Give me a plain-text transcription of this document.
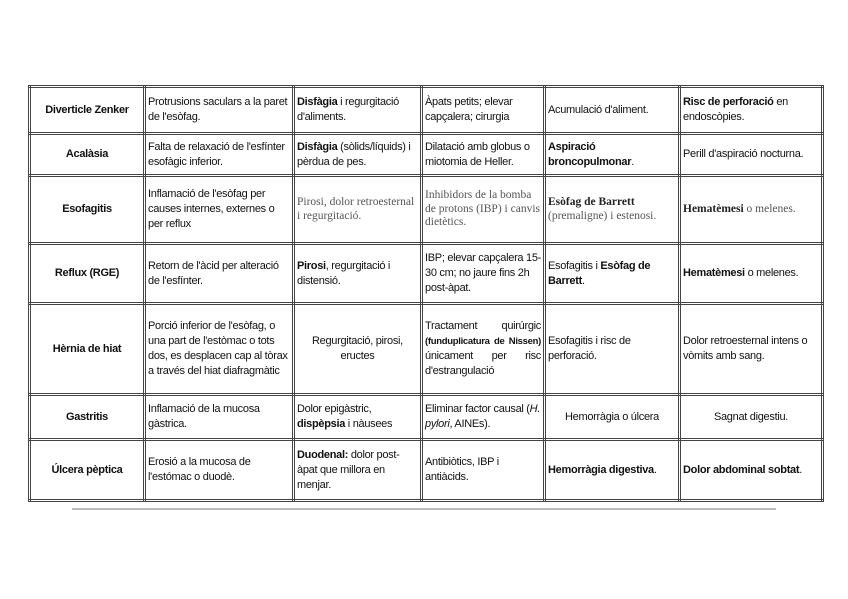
Diverticle Zenker	Protrusions saculars a la paret de l'esòfag.	Disfàgia i regurgitació d'aliments.	Àpats petits; elevar capçalera; cirurgia	Acumulació d'aliment.	Risc de perforació en endoscòpies.
Acalàsia	Falta de relaxació de l'esfínter esofàgic inferior.	Disfàgia (sòlids/líquids) i pèrdua de pes.	Dilatació amb globus o miotomia de Heller.	Aspiració broncopulmonar.	Perill d'aspiració nocturna.
Esofagitis	Inflamació de l'esòfag per causes internes, externes o per reflux	Pirosi, dolor retroesternal i regurgitació.	Inhibidors de la bomba de protons (IBP) i canvis dietètics.	Esòfag de Barrett (premaligne) i estenosi.	Hematèmesi o melenes.
Reflux (RGE)	Retorn de l'àcid per alteració de l'esfínter.	Pirosi, regurgitació i distensió.	IBP; elevar capçalera 15-30 cm; no jaure fins 2h post-àpat.	Esofagitis i Esòfag de Barrett.	Hematèmesi o melenes.
Hèrnia de hiat	Porció inferior de l'esòfag, o una part de l'estòmac o tots dos, es desplacen cap al tòrax a través del hiat diafragmàtic	Regurgitació, pirosi, eructes	Tractament quirúrgic (funduplicatura de Nissen) únicament per risc d'estrangulació	Esofagitis i risc de perforació.	Dolor retroesternal intens o vòmits amb sang.
Gastritis	Inflamació de la mucosa gàstrica.	Dolor epigàstric, dispèpsia i nàusees	Eliminar factor causal (H. pylori, AINEs).	Hemorràgia o úlcera	Sagnat digestiu.
Úlcera pèptica	Erosió a la mucosa de l'estómac o duodè.	Duodenal: dolor post-àpat que millora en menjar.	Antibiòtics, IBP i antiàcids.	Hemorràgia digestiva.	Dolor abdominal sobtat.
